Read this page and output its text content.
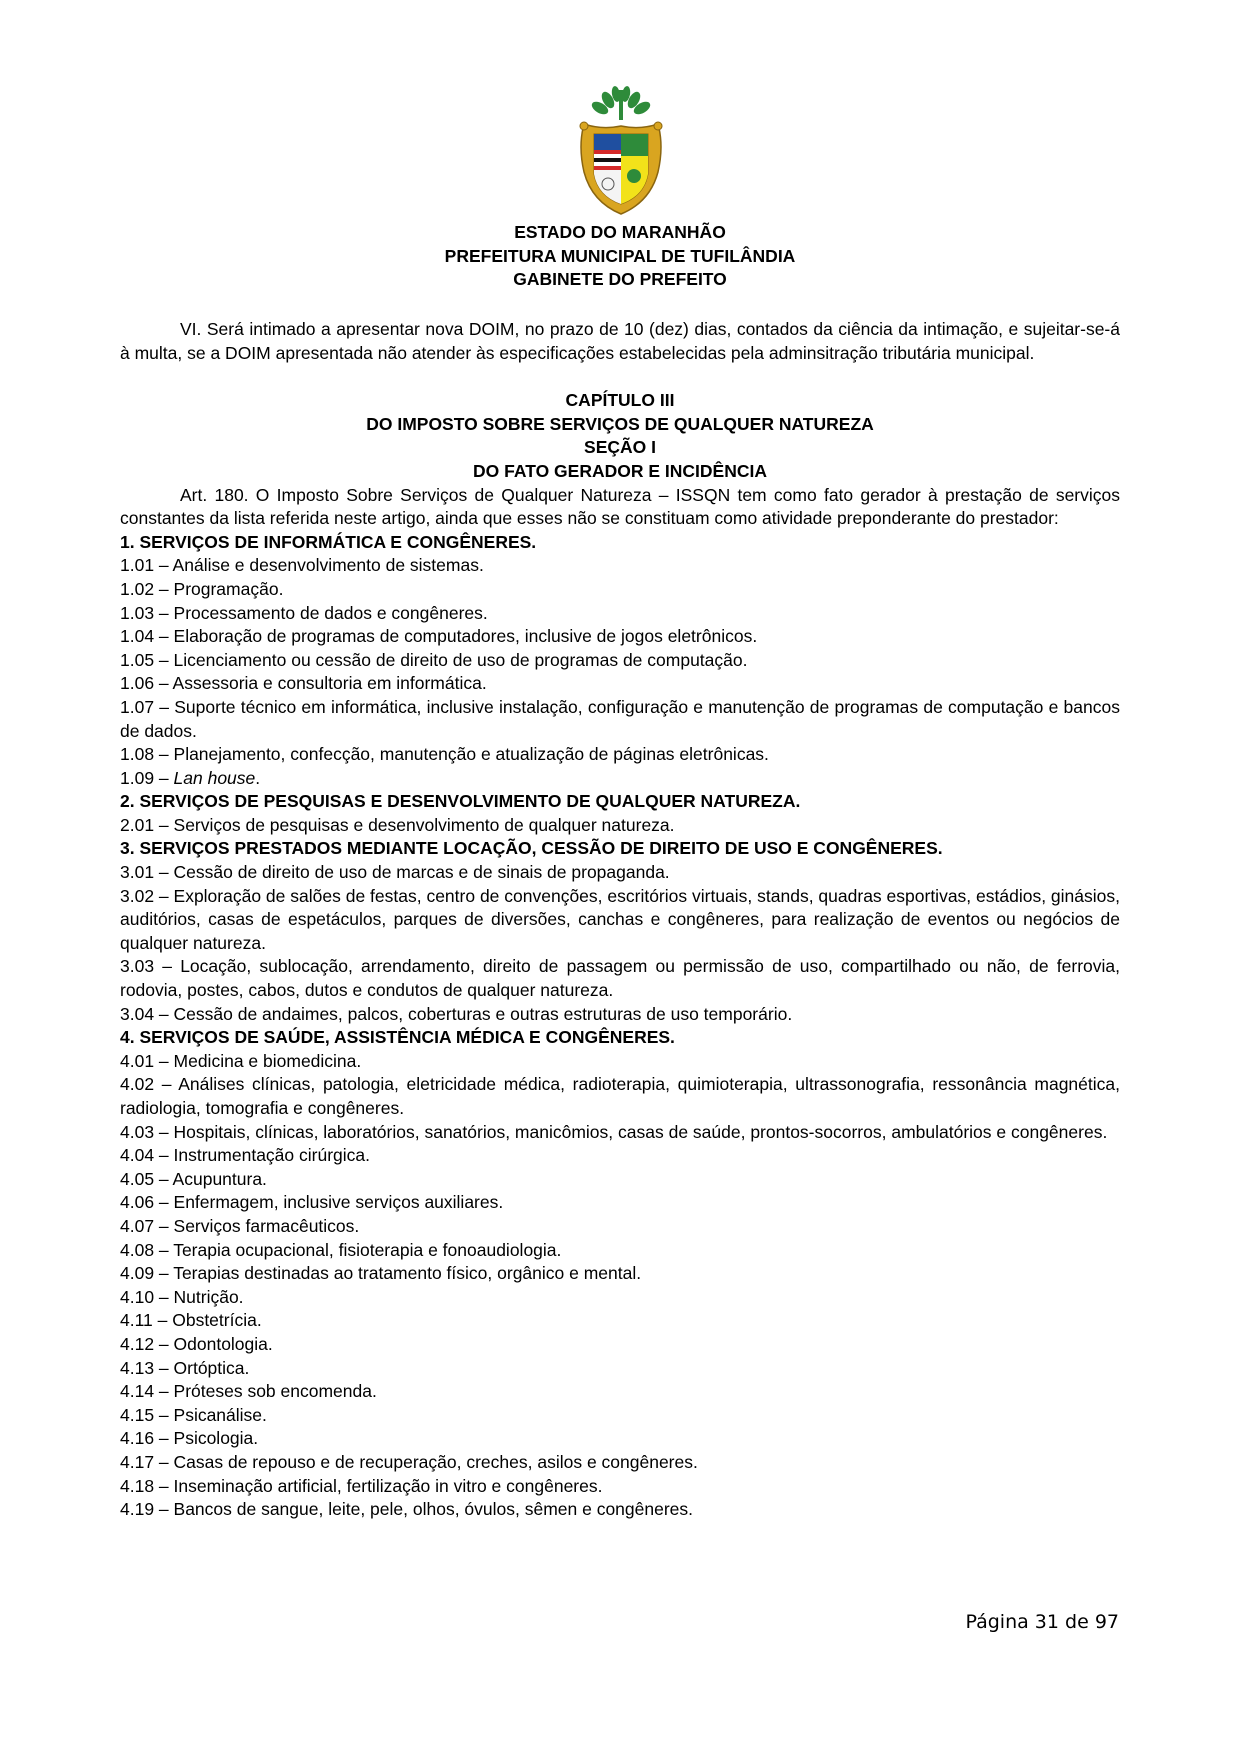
ESTADO DO MARANHÃO
PREFEITURA MUNICIPAL DE TUFILÂNDIA
GABINETE DO PREFEITO

VI. Será intimado a apresentar nova DOIM, no prazo de 10 (dez) dias, contados da ciência da intimação, e sujeitar-se-á à multa, se a DOIM apresentada não atender às especificações estabelecidas pela adminsitração tributária municipal.

CAPÍTULO III
DO IMPOSTO SOBRE SERVIÇOS DE QUALQUER NATUREZA
SEÇÃO I
DO FATO GERADOR E INCIDÊNCIA

Art. 180. O Imposto Sobre Serviços de Qualquer Natureza – ISSQN tem como fato gerador à prestação de serviços constantes da lista referida neste artigo, ainda que esses não se constituam como atividade preponderante do prestador:

1. SERVIÇOS DE INFORMÁTICA E CONGÊNERES.

1.01 – Análise e desenvolvimento de sistemas.

1.02 – Programação.

1.03 – Processamento de dados e congêneres.

1.04 – Elaboração de programas de computadores, inclusive de jogos eletrônicos.

1.05 – Licenciamento ou cessão de direito de uso de programas de computação.

1.06 – Assessoria e consultoria em informática.

1.07 – Suporte técnico em informática, inclusive instalação, configuração e manutenção de programas de computação e bancos de dados.

1.08 – Planejamento, confecção, manutenção e atualização de páginas eletrônicas.

1.09 – Lan house.

2. SERVIÇOS DE PESQUISAS E DESENVOLVIMENTO DE QUALQUER NATUREZA.

2.01 – Serviços de pesquisas e desenvolvimento de qualquer natureza.

3. SERVIÇOS PRESTADOS MEDIANTE LOCAÇÃO, CESSÃO DE DIREITO DE USO E CONGÊNERES.

3.01 – Cessão de direito de uso de marcas e de sinais de propaganda.

3.02 – Exploração de salões de festas, centro de convenções, escritórios virtuais, stands, quadras esportivas, estádios, ginásios, auditórios, casas de espetáculos, parques de diversões, canchas e congêneres, para realização de eventos ou negócios de qualquer natureza.

3.03 – Locação, sublocação, arrendamento, direito de passagem ou permissão de uso, compartilhado ou não, de ferrovia, rodovia, postes, cabos, dutos e condutos de qualquer natureza.

3.04 – Cessão de andaimes, palcos, coberturas e outras estruturas de uso temporário.

4. SERVIÇOS DE SAÚDE, ASSISTÊNCIA MÉDICA E CONGÊNERES.

4.01 – Medicina e biomedicina.

4.02 – Análises clínicas, patologia, eletricidade médica, radioterapia, quimioterapia, ultrassonografia, ressonância magnética, radiologia, tomografia e congêneres.

4.03 – Hospitais, clínicas, laboratórios, sanatórios, manicômios, casas de saúde, prontos-socorros, ambulatórios e congêneres.

4.04 – Instrumentação cirúrgica.

4.05 – Acupuntura.

4.06 – Enfermagem, inclusive serviços auxiliares.

4.07 – Serviços farmacêuticos.

4.08 – Terapia ocupacional, fisioterapia e fonoaudiologia.

4.09 – Terapias destinadas ao tratamento físico, orgânico e mental.

4.10 – Nutrição.

4.11 – Obstetrícia.

4.12 – Odontologia.

4.13 – Ortóptica.

4.14 – Próteses sob encomenda.

4.15 – Psicanálise.

4.16 – Psicologia.

4.17 – Casas de repouso e de recuperação, creches, asilos e congêneres.

4.18 – Inseminação artificial, fertilização in vitro e congêneres.

4.19 – Bancos de sangue, leite, pele, olhos, óvulos, sêmen e congêneres.

Página 31 de 97
